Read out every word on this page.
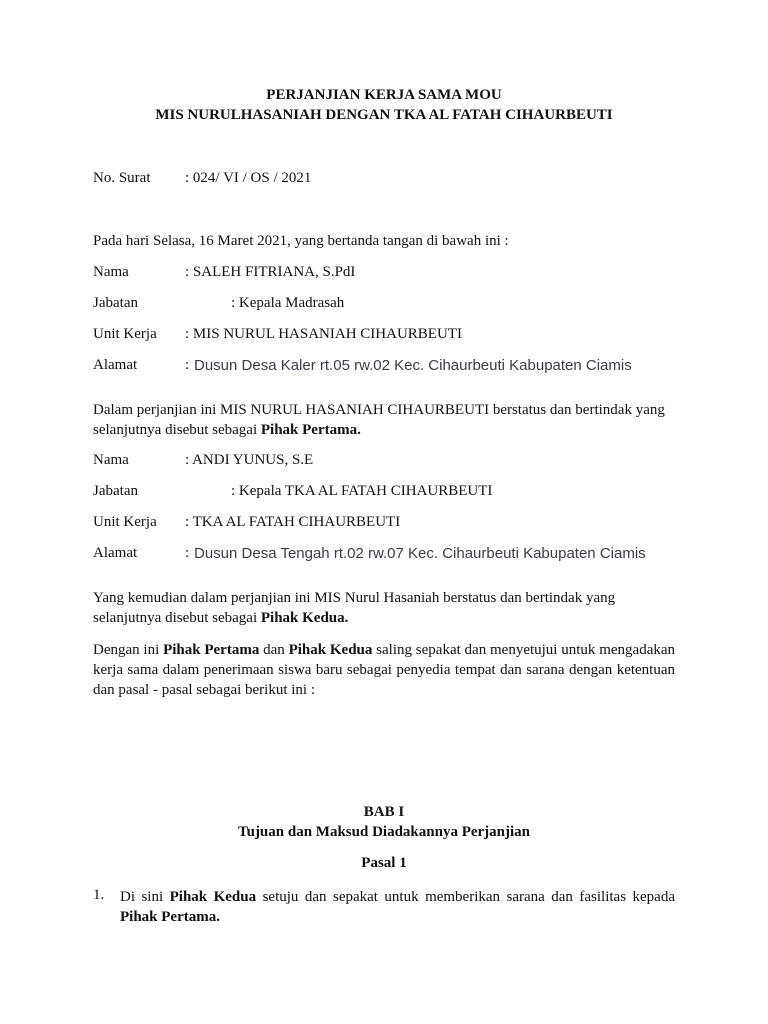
PERJANJIAN KERJA SAMA MOU
MIS NURULHASANIAH DENGAN TKA AL FATAH CIHAURBEUTI
No. Surat : 024/ VI / OS / 2021
Pada hari Selasa, 16 Maret 2021, yang bertanda tangan di bawah ini :
Nama	: SALEH FITRIANA, S.PdI
Jabatan	: Kepala Madrasah
Unit Kerja : MIS NURUL HASANIAH CIHAURBEUTI
Alamat	: Dusun Desa Kaler rt.05 rw.02 Kec. Cihaurbeuti Kabupaten Ciamis
Dalam perjanjian ini MIS NURUL HASANIAH CIHAURBEUTI berstatus dan bertindak yang selanjutnya disebut sebagai Pihak Pertama.
Nama	: ANDI YUNUS, S.E
Jabatan	: Kepala TKA AL FATAH CIHAURBEUTI
Unit Kerja : TKA AL FATAH CIHAURBEUTI
Alamat	: Dusun Desa Tengah rt.02 rw.07 Kec. Cihaurbeuti Kabupaten Ciamis
Yang kemudian dalam perjanjian ini MIS Nurul Hasaniah berstatus dan bertindak yang selanjutnya disebut sebagai Pihak Kedua.
Dengan ini Pihak Pertama dan Pihak Kedua saling sepakat dan menyetujui untuk mengadakan kerja sama dalam penerimaan siswa baru sebagai penyedia tempat dan sarana dengan ketentuan dan pasal - pasal sebagai berikut ini :
BAB I
Tujuan dan Maksud Diadakannya Perjanjian
Pasal 1
1. Di sini Pihak Kedua setuju dan sepakat untuk memberikan sarana dan fasilitas kepada Pihak Pertama.
